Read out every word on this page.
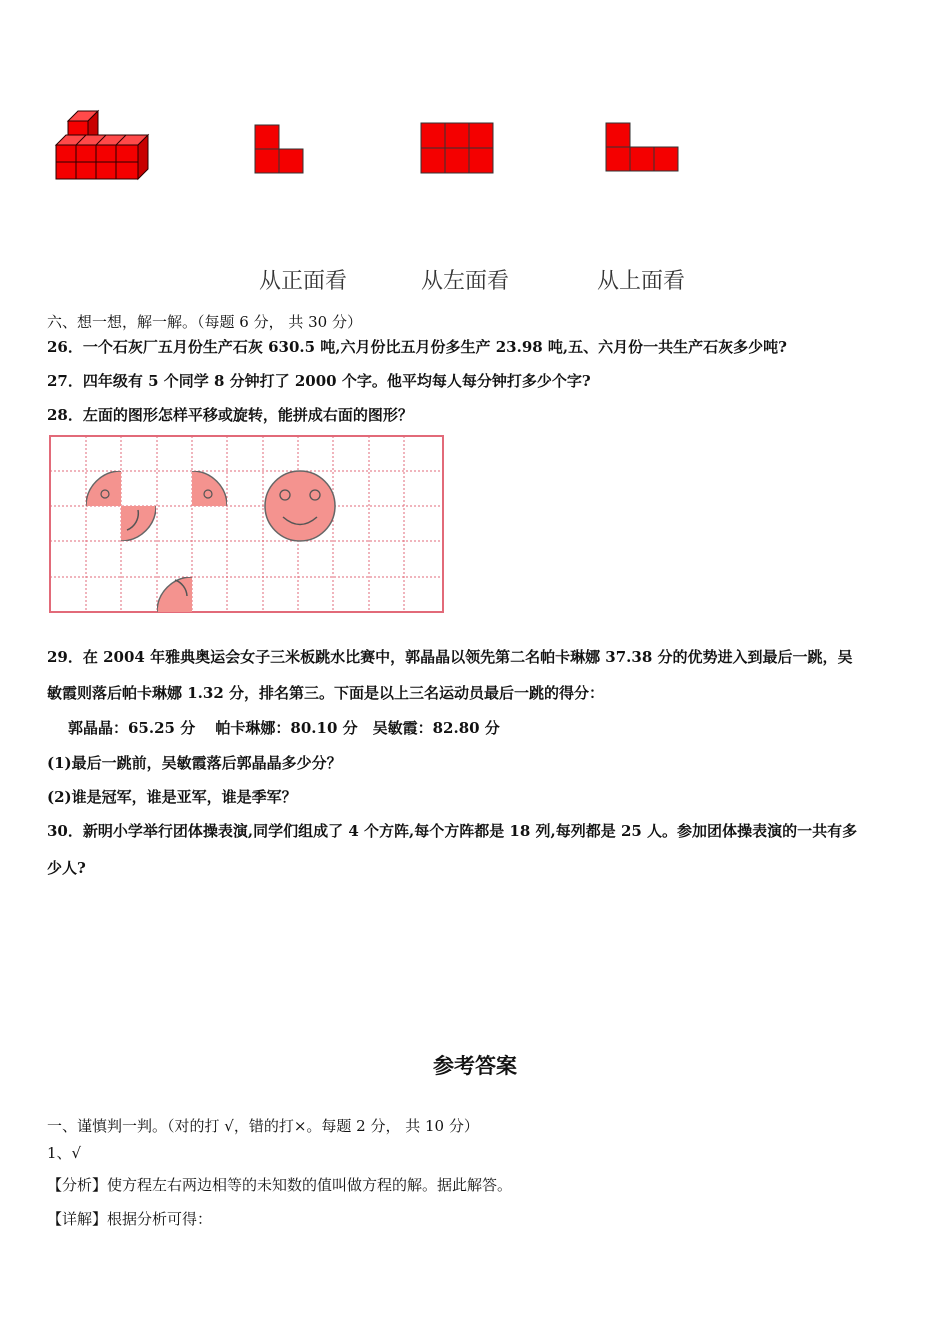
从正面看	从左面看	从上面看
六、想一想，解一解。（每题 6 分， 共 30 分）
26．一个石灰厂五月份生产石灰 630.5 吨,六月份比五月份多生产 23.98 吨,五、六月份一共生产石灰多少吨?
27．四年级有 5 个同学 8 分钟打了 2000 个字。他平均每人每分钟打多少个字?
28．左面的图形怎样平移或旋转，能拼成右面的图形？
29．在 2004 年雅典奥运会女子三米板跳水比赛中，郭晶晶以领先第二名帕卡琳娜 37.38 分的优势进入到最后一跳，吴
敏霞则落后帕卡琳娜 1.32 分，排名第三。下面是以上三名运动员最后一跳的得分：
郭晶晶：65.25 分　 帕卡琳娜：80.10 分　吴敏霞：82.80 分
(1)最后一跳前，吴敏霞落后郭晶晶多少分？
(2)谁是冠军，谁是亚军，谁是季军？
30．新明小学举行团体操表演,同学们组成了 4 个方阵,每个方阵都是 18 列,每列都是 25 人。参加团体操表演的一共有多
少人?
参考答案
一、谨慎判一判。（对的打 √，错的打×。每题 2 分， 共 10 分）
1、√
【分析】使方程左右两边相等的未知数的值叫做方程的解。据此解答。
【详解】根据分析可得：
